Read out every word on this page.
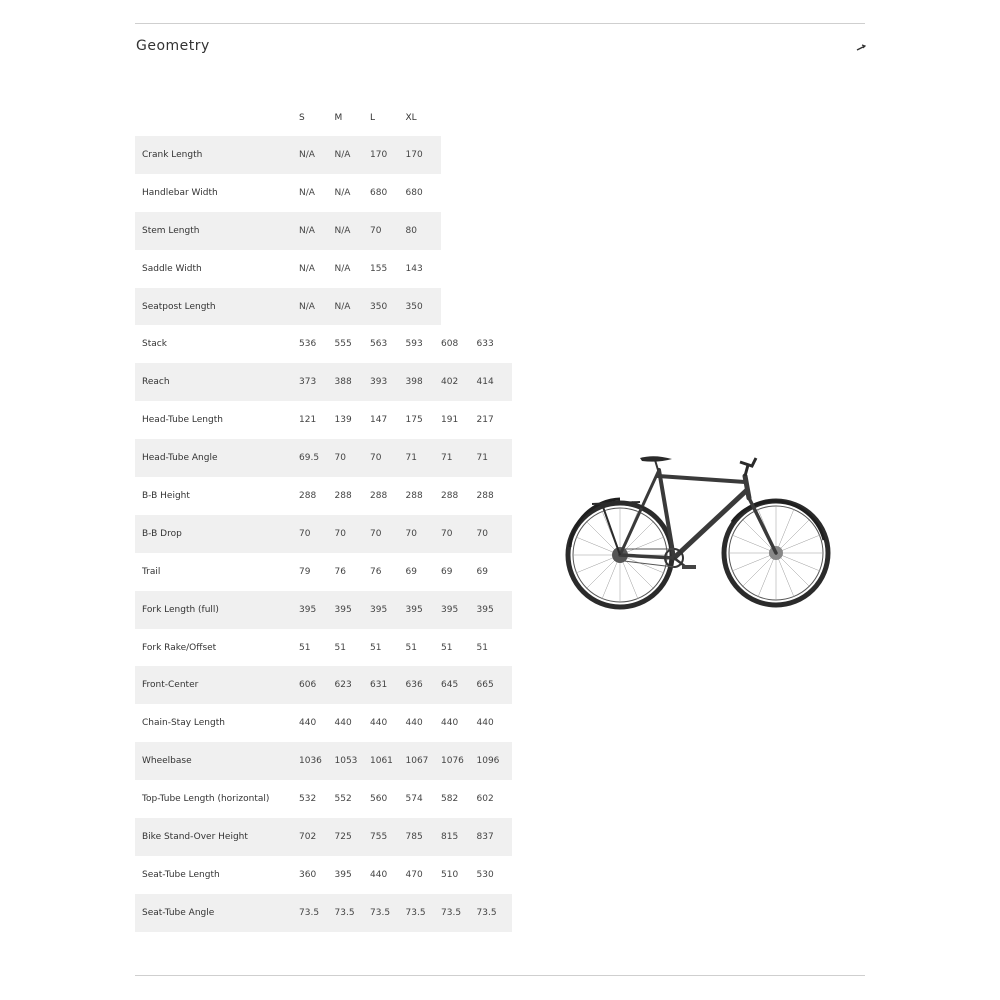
Geometry
	S	M	L	XL		
Crank Length	N/A	N/A	170	170		
Handlebar Width	N/A	N/A	680	680		
Stem Length	N/A	N/A	70	80		
Saddle Width	N/A	N/A	155	143		
Seatpost Length	N/A	N/A	350	350		
Stack	536	555	563	593	608	633
Reach	373	388	393	398	402	414
Head-Tube Length	121	139	147	175	191	217
Head-Tube Angle	69.5	70	70	71	71	71
B-B Height	288	288	288	288	288	288
B-B Drop	70	70	70	70	70	70
Trail	79	76	76	69	69	69
Fork Length (full)	395	395	395	395	395	395
Fork Rake/Offset	51	51	51	51	51	51
Front-Center	606	623	631	636	645	665
Chain-Stay Length	440	440	440	440	440	440
Wheelbase	1036	1053	1061	1067	1076	1096
Top-Tube Length (horizontal)	532	552	560	574	582	602
Bike Stand-Over Height	702	725	755	785	815	837
Seat-Tube Length	360	395	440	470	510	530
Seat-Tube Angle	73.5	73.5	73.5	73.5	73.5	73.5
